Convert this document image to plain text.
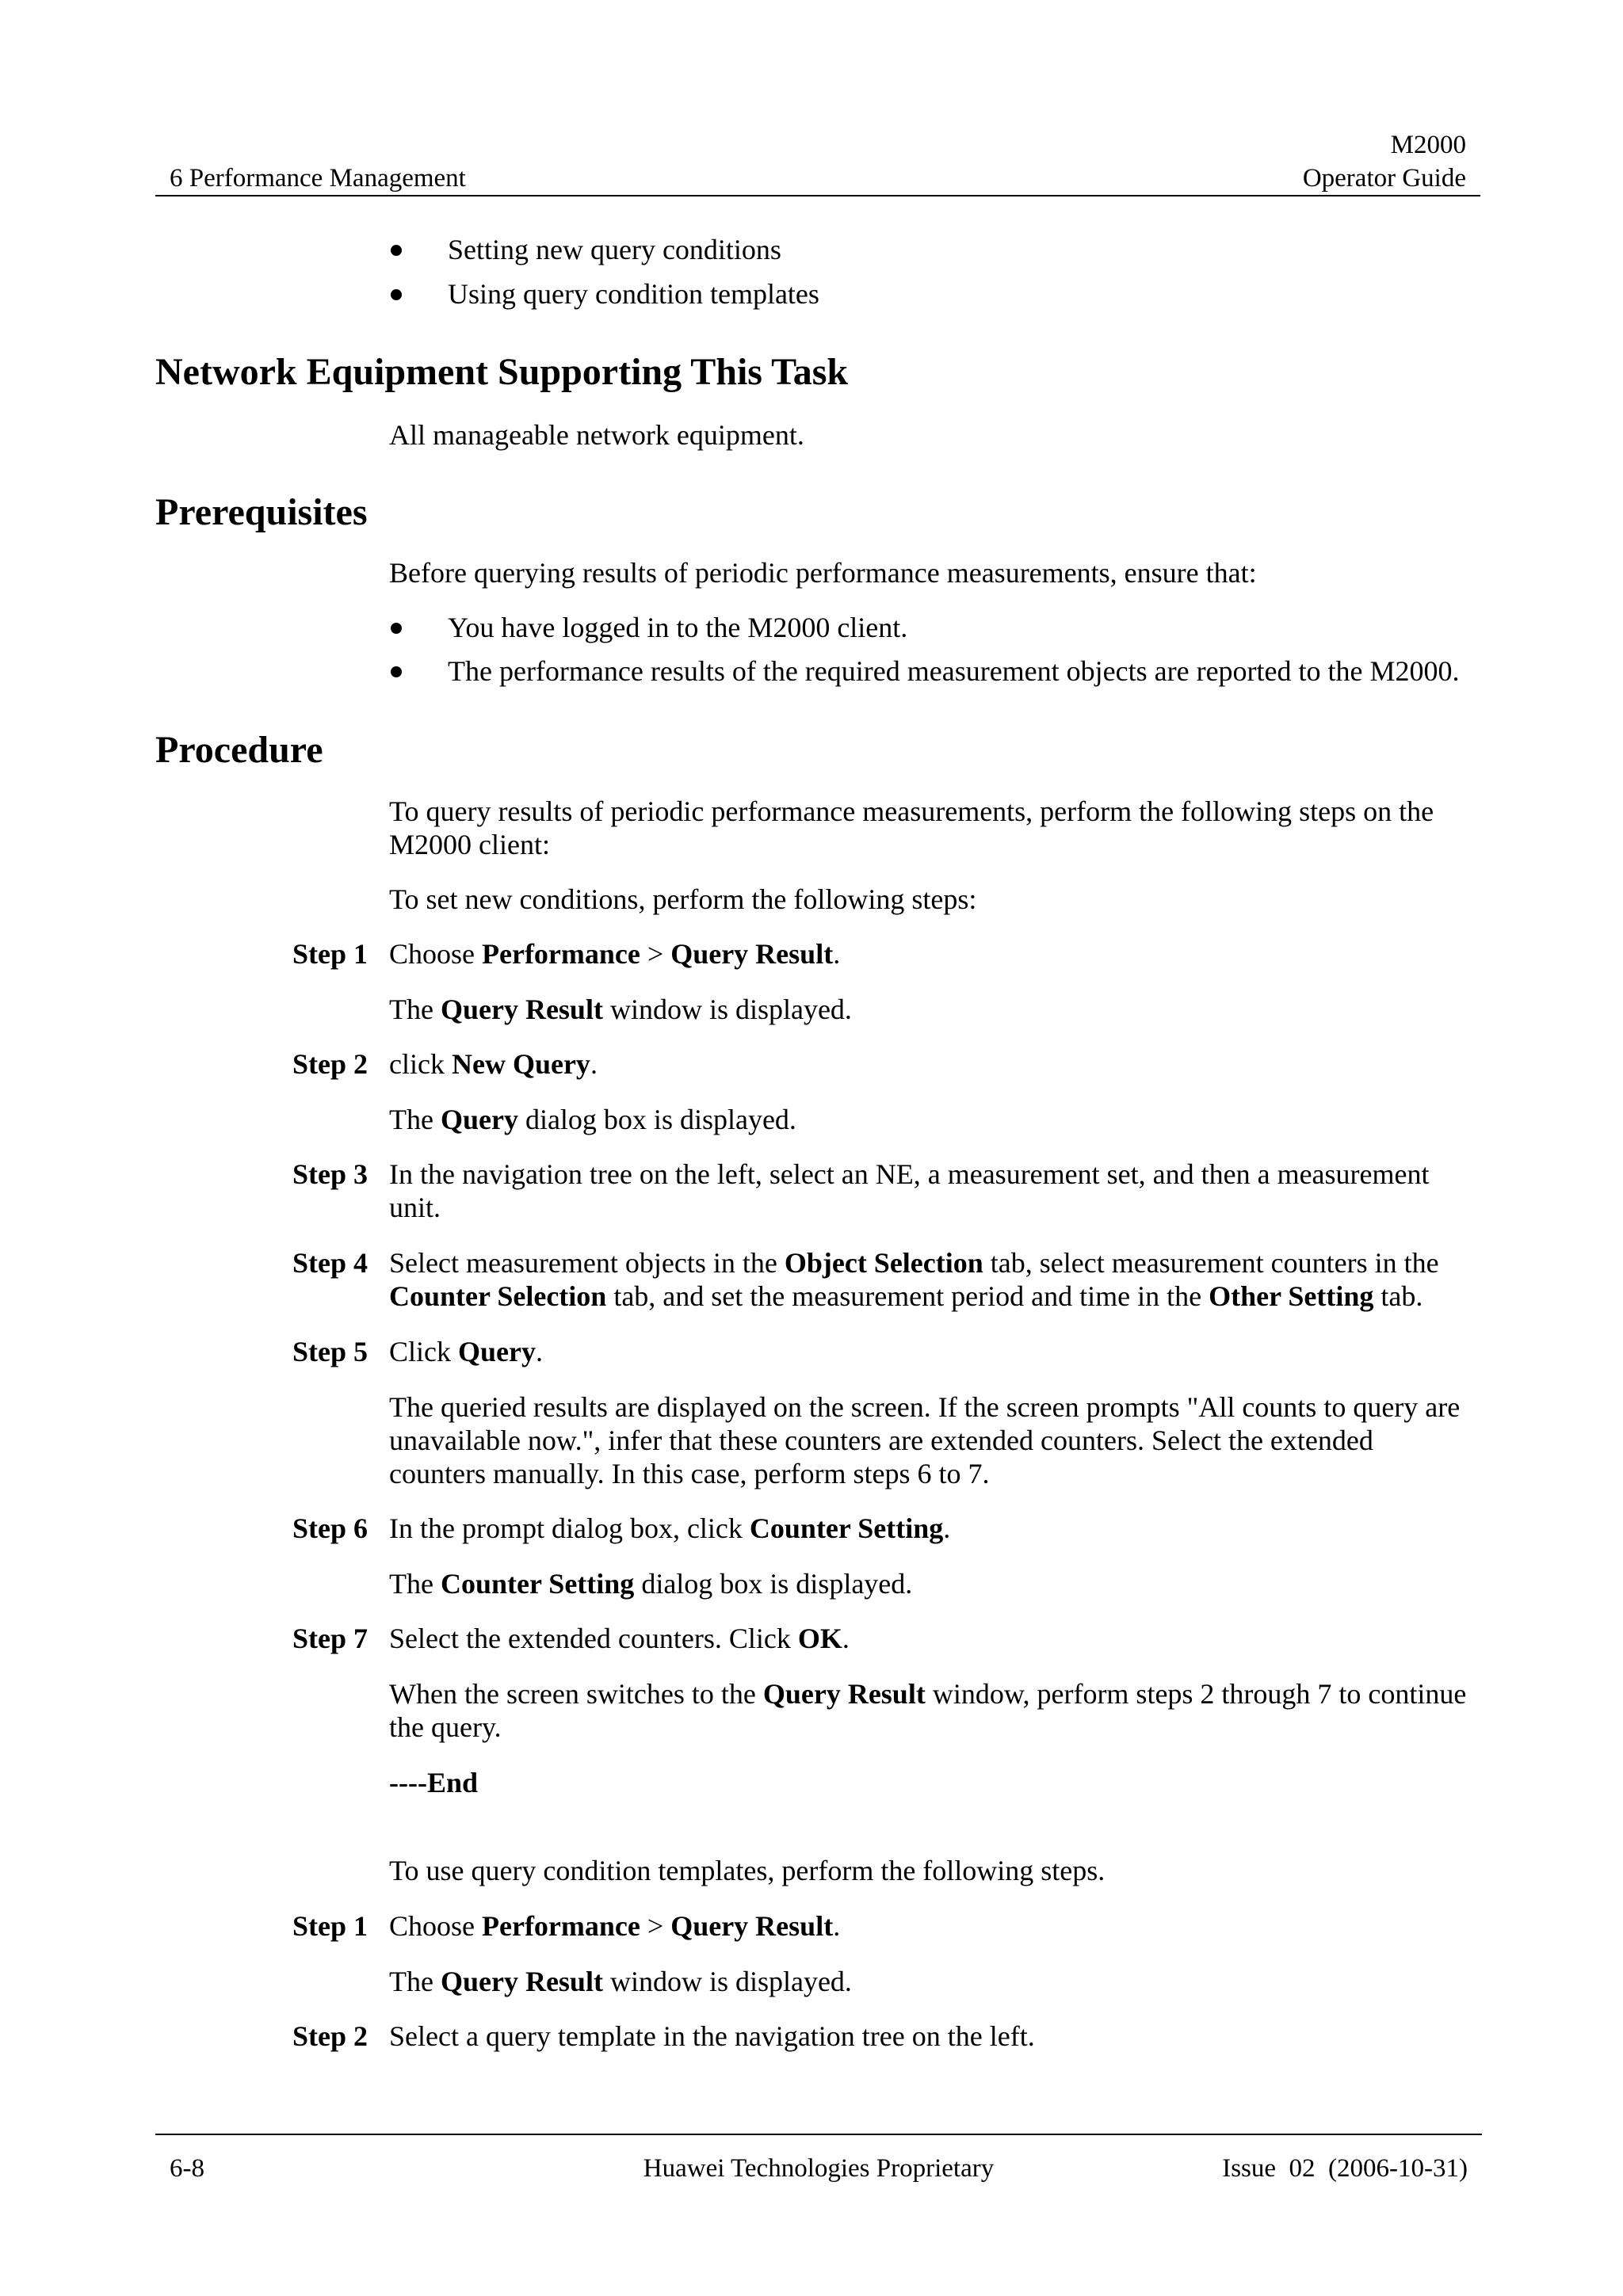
M2000
6 Performance Management	Operator Guide
Setting new query conditions
Using query condition templates
Network Equipment Supporting This Task
All manageable network equipment.
Prerequisites
Before querying results of periodic performance measurements, ensure that:
You have logged in to the M2000 client.
The performance results of the required measurement objects are reported to the M2000.
Procedure
To query results of periodic performance measurements, perform the following steps on the
M2000 client:
To set new conditions, perform the following steps:
Step 1 Choose Performance > Query Result.
The Query Result window is displayed.
Step 2 click New Query.
The Query dialog box is displayed.
Step 3 In the navigation tree on the left, select an NE, a measurement set, and then a measurement
unit.
Step 4 Select measurement objects in the Object Selection tab, select measurement counters in the
Counter Selection tab, and set the measurement period and time in the Other Setting tab.
Step 5 Click Query.
The queried results are displayed on the screen. If the screen prompts "All counts to query are
unavailable now.", infer that these counters are extended counters. Select the extended
counters manually. In this case, perform steps 6 to 7.
Step 6 In the prompt dialog box, click Counter Setting.
The Counter Setting dialog box is displayed.
Step 7 Select the extended counters. Click OK.
When the screen switches to the Query Result window, perform steps 2 through 7 to continue
the query.
----End
To use query condition templates, perform the following steps.
Step 1 Choose Performance > Query Result.
The Query Result window is displayed.
Step 2 Select a query template in the navigation tree on the left.
6-8	Huawei Technologies Proprietary	Issue  02  (2006-10-31)
